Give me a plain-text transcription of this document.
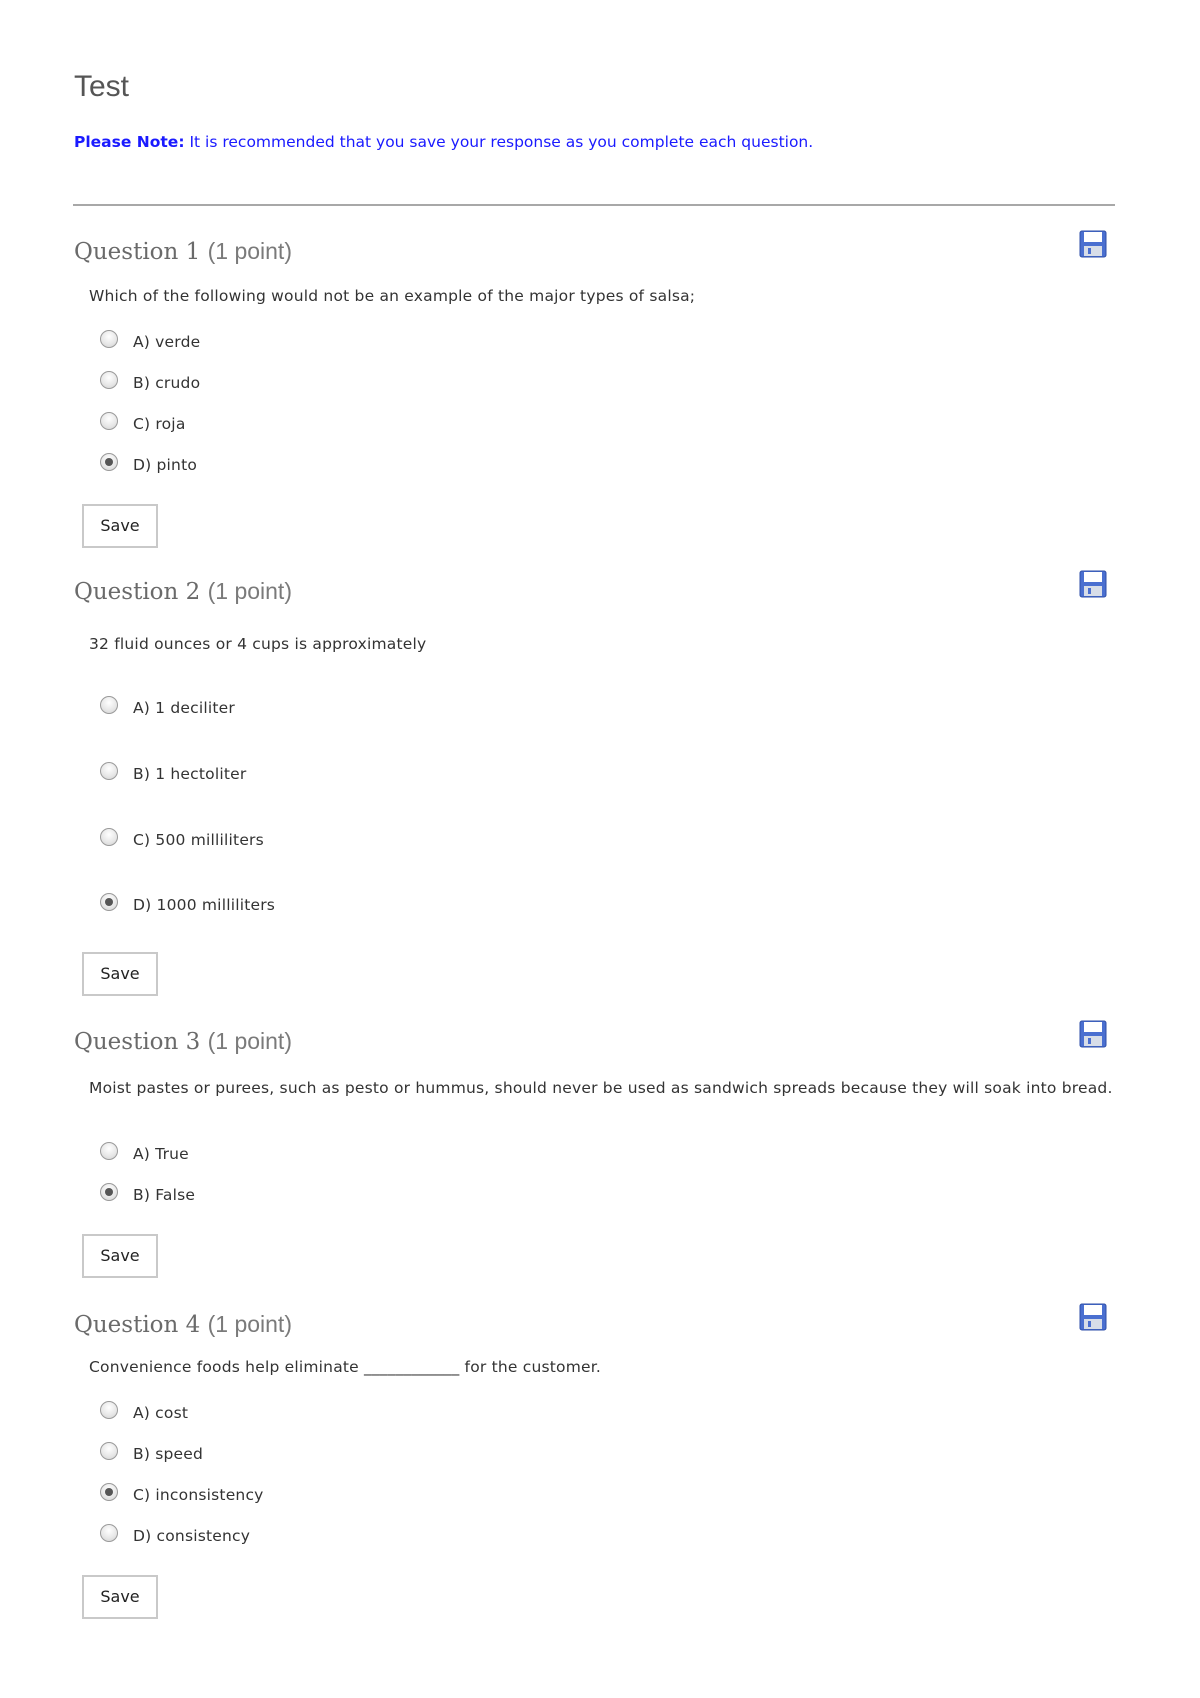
Test
Please Note: It is recommended that you save your response as you complete each question.
Question 1 (1 point)
Which of the following would not be an example of the major types of salsa;
A) verde
B) crudo
C) roja
D) pinto
Save
Question 2 (1 point)
32 fluid ounces or 4 cups is approximately
A) 1 deciliter
B) 1 hectoliter
C) 500 milliliters
D) 1000 milliliters
Save
Question 3 (1 point)
Moist pastes or purees, such as pesto or hummus, should never be used as sandwich spreads because they will soak into bread.
A) True
B) False
Save
Question 4 (1 point)
Convenience foods help eliminate ____________ for the customer.
A) cost
B) speed
C) inconsistency
D) consistency
Save
